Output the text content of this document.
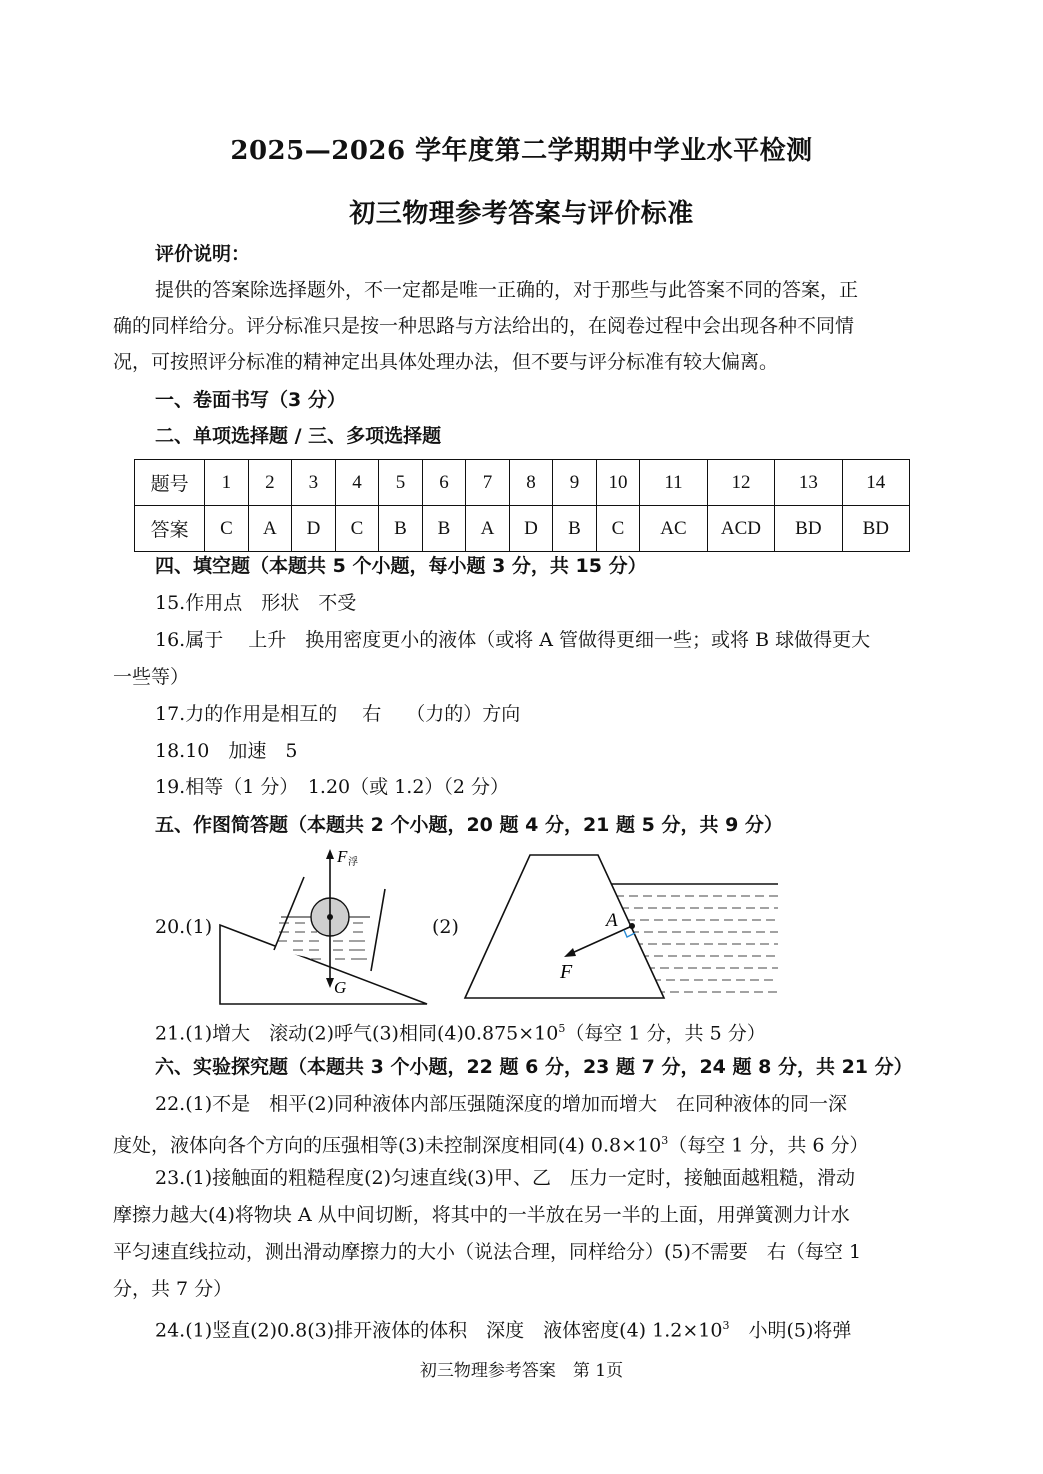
2025—2026 学年度第二学期期中学业水平检测
初三物理参考答案与评价标准
评价说明：
提供的答案除选择题外，不一定都是唯一正确的，对于那些与此答案不同的答案，正
确的同样给分。评分标准只是按一种思路与方法给出的，在阅卷过程中会出现各种不同情
况，可按照评分标准的精神定出具体处理办法，但不要与评分标准有较大偏离。
一、卷面书写（3 分）
二、单项选择题 / 三、多项选择题
题号	1	2	3	4	5	6	7	8	9	10	11	12	13	14
答案	C	A	D	C	B	B	A	D	B	C	AC	ACD	BD	BD
四、填空题（本题共 5 个小题，每小题 3 分，共 15 分）
15.作用点　形状　不受
16.属于　 上升　换用密度更小的液体（或将 A 管做得更细一些；或将 B 球做得更大
一些等）
17.力的作用是相互的　 右　 （力的）方向
18.10　加速　5
19.相等（1 分）　1.20（或 1.2）（2 分）
五、作图简答题（本题共 2 个小题，20 题 4 分，21 题 5 分，共 9 分）
20.(1)	(2)
F 浮
G
A
F
21.(1)增大　滚动(2)呼气(3)相同$(4)0.875\times 10^5$（每空 1 分，共 5 分）
六、实验探究题（本题共 3 个小题，22 题 6 分，23 题 7 分，24 题 8 分，共 21 分）
22.(1)不是　相平(2)同种液体内部压强随深度的增加而增大　在同种液体的同一深
度处，液体向各个方向的压强相等(3)未控制深度相同(4) $0.8\times 10^3$（每空 1 分，共 6 分）
23.(1)接触面的粗糙程度(2)匀速直线(3)甲、乙　压力一定时，接触面越粗糙，滑动
摩擦力越大(4)将物块 A 从中间切断，将其中的一半放在另一半的上面，用弹簧测力计水
平匀速直线拉动，测出滑动摩擦力的大小（说法合理，同样给分）(5)不需要　右（每空 1
分，共 7 分）
24.(1)竖直(2)0.8(3)排开液体的体积　深度　液体密度(4) $1.2\times 10^3$　小明(5)将弹
初三物理参考答案　第 1页
